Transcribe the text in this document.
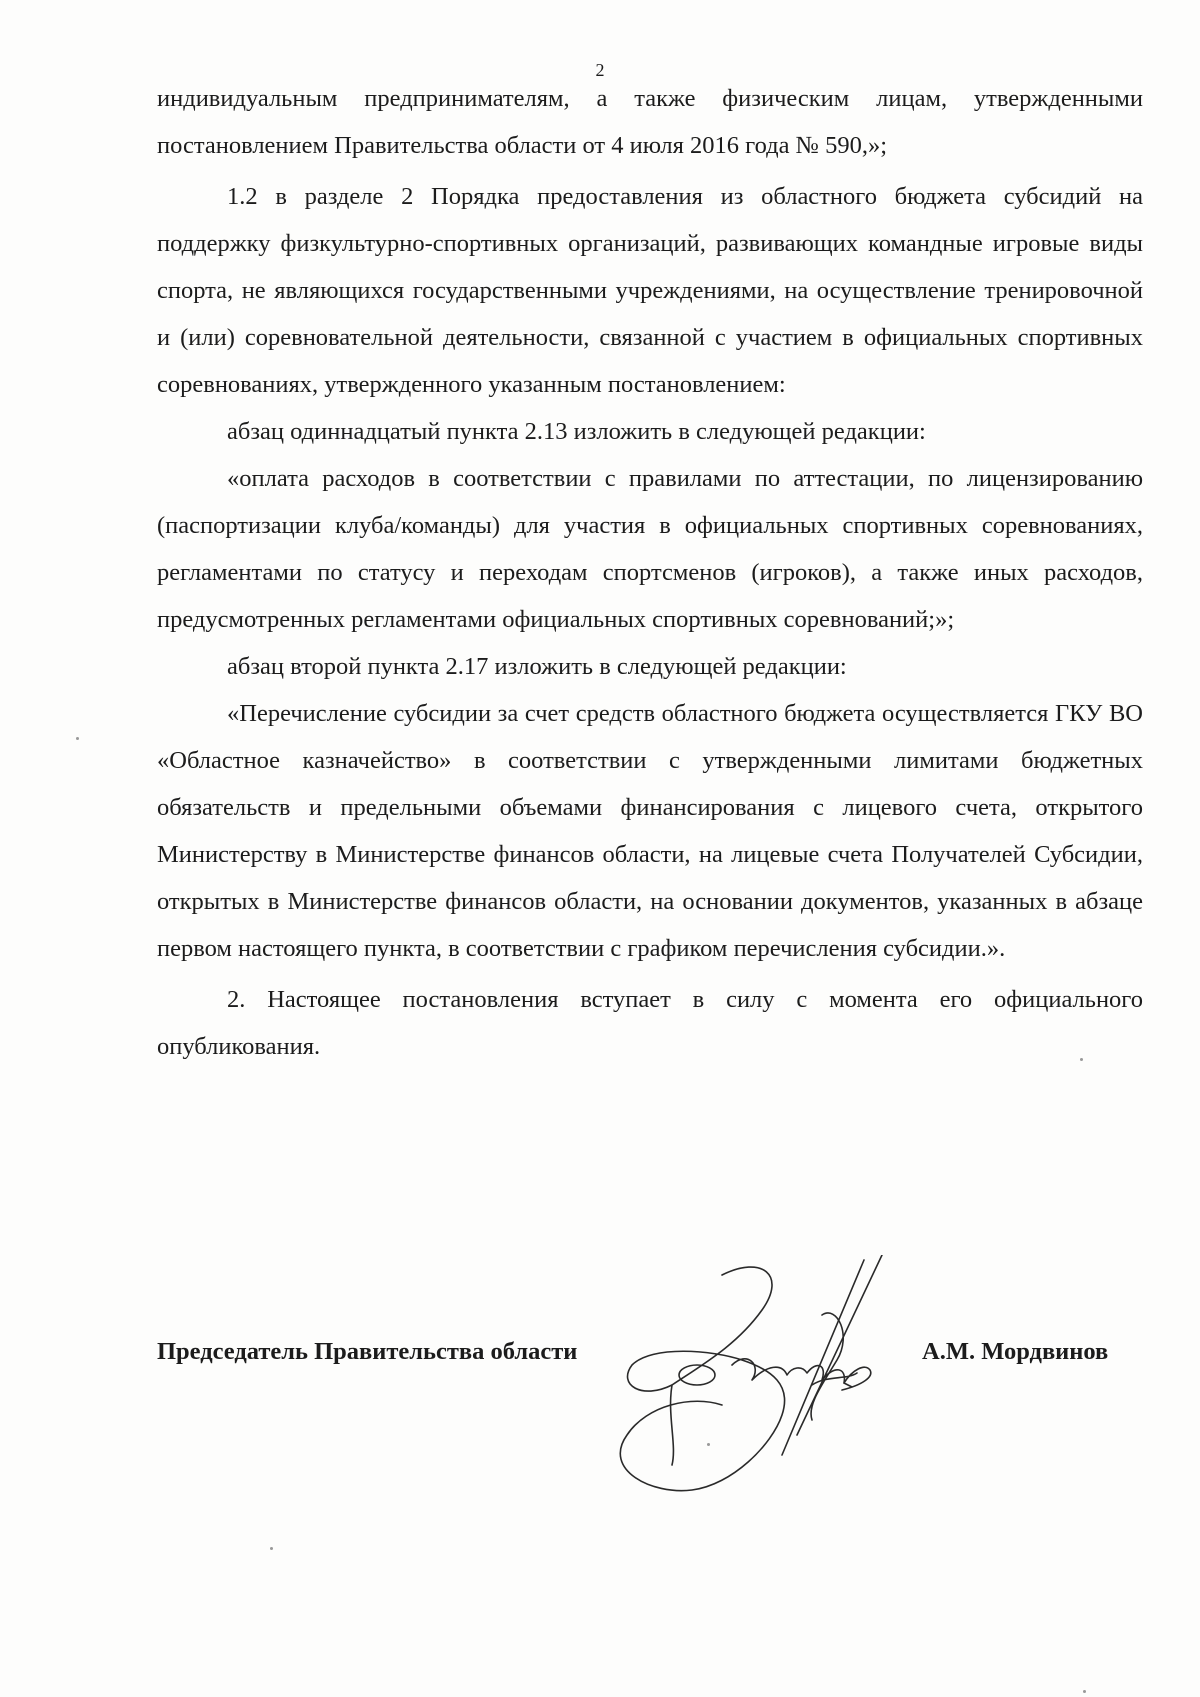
2

индивидуальным предпринимателям, а также физическим лицам, утвержденными постановлением Правительства области от 4 июля 2016 года № 590,»;

1.2 в разделе 2 Порядка предоставления из областного бюджета субсидий на поддержку физкультурно-спортивных организаций, развивающих командные игровые виды спорта, не являющихся государственными учреждениями, на осуществление тренировочной и (или) соревновательной деятельности, связанной с участием в официальных спортивных соревнованиях, утвержденного указанным постановлением:

абзац одиннадцатый пункта 2.13 изложить в следующей редакции:

«оплата расходов в соответствии с правилами по аттестации, по лицензированию (паспортизации клуба/команды) для участия в официальных спортивных соревнованиях, регламентами по статусу и переходам спортсменов (игроков), а также иных расходов, предусмотренных регламентами официальных спортивных соревнований;»;

абзац второй пункта 2.17 изложить в следующей редакции:

«Перечисление субсидии за счет средств областного бюджета осуществляется ГКУ ВО «Областное казначейство» в соответствии с утвержденными лимитами бюджетных обязательств и предельными объемами финансирования с лицевого счета, открытого Министерству в Министерстве финансов области, на лицевые счета Получателей Субсидии, открытых в Министерстве финансов области, на основании документов, указанных в абзаце первом настоящего пункта, в соответствии с графиком перечисления субсидии.».

2. Настоящее постановления вступает в силу с момента его официального опубликования.

Председатель Правительства области	А.М. Мордвинов
